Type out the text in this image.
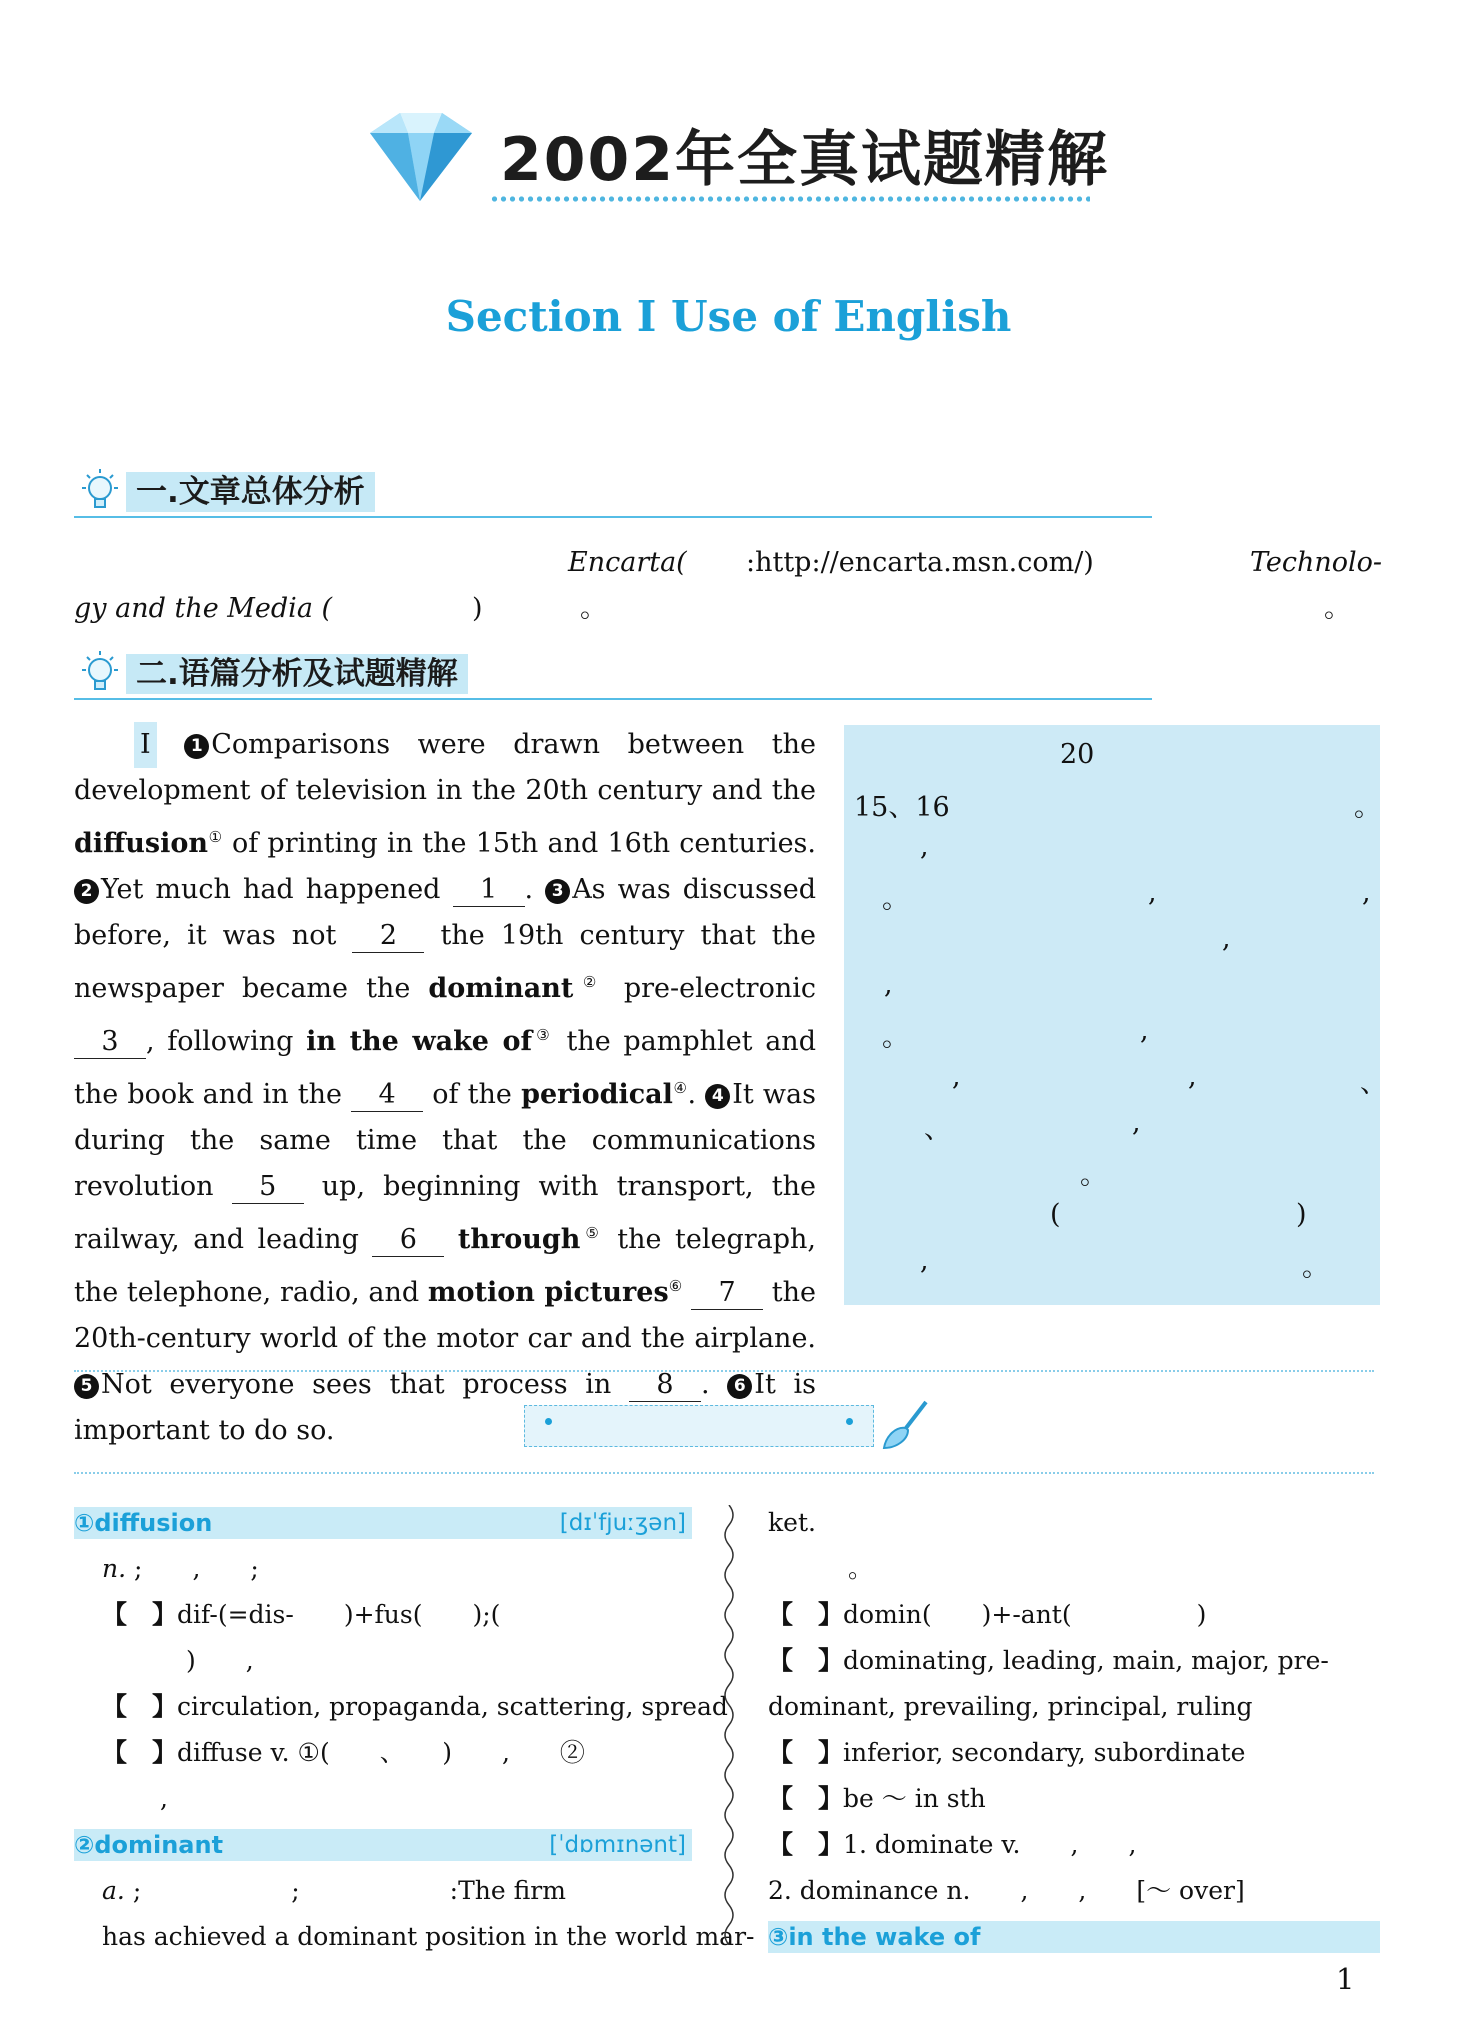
2002年全真试题精解
Section Ⅰ Use of English
一.文章总体分析
Encarta( :http://encarta.msn.com/)	Technolo-
gy and the Media (	)	。	。
二.语篇分析及试题精解

Ⅰ 1 Comparisons were drawn between the development of television in the 20th century and the diffusion① of printing in the 15th and 16th centuries. 2 Yet much had happened 1 . 3 As was discussed before, it was not 2 the 19th century that the newspaper became the dominant② pre-electronic 3 , following in the wake of③ the pamphlet and the book and in the 4 of the periodical④. 4 It was during the same time that the communications revolution 5 up, beginning with transport, the railway, and leading 6 through⑤ the telegraph, the telephone, radio, and motion pictures⑥ 7 the 20th-century world of the motor car and the airplane. 5 Not everyone sees that process in 8 . 6 It is important to do so.

20
15、16	。
,
。	,	,
,
,
。	,
,	,	、
、	,
。
(	)
,	。
①diffusion	[dɪˈfjuːʒən]
n. ;　　,　　;
【　 】dif-(=dis-　　)+fus(　　);(
)　　,
【　 】circulation, propaganda, scattering, spread
【　 】diffuse v. ①(　　、　　)　　,　　②
,
②dominant	[ˈdɒmɪnənt]
a. ;　　　　　　;　　　　　　:The firm
has achieved a dominant position in the world mar-
ket.
。
【　 】domin(　　)+-ant(　　　　　)
【　 】dominating, leading, main, major, pre-
dominant, prevailing, principal, ruling
【　 】inferior, secondary, subordinate
【　 】be ～ in sth
【　 】1. dominate v.　　,　　,
2. dominance n.　　,　　,　　[～ over]
③in the wake of
1
